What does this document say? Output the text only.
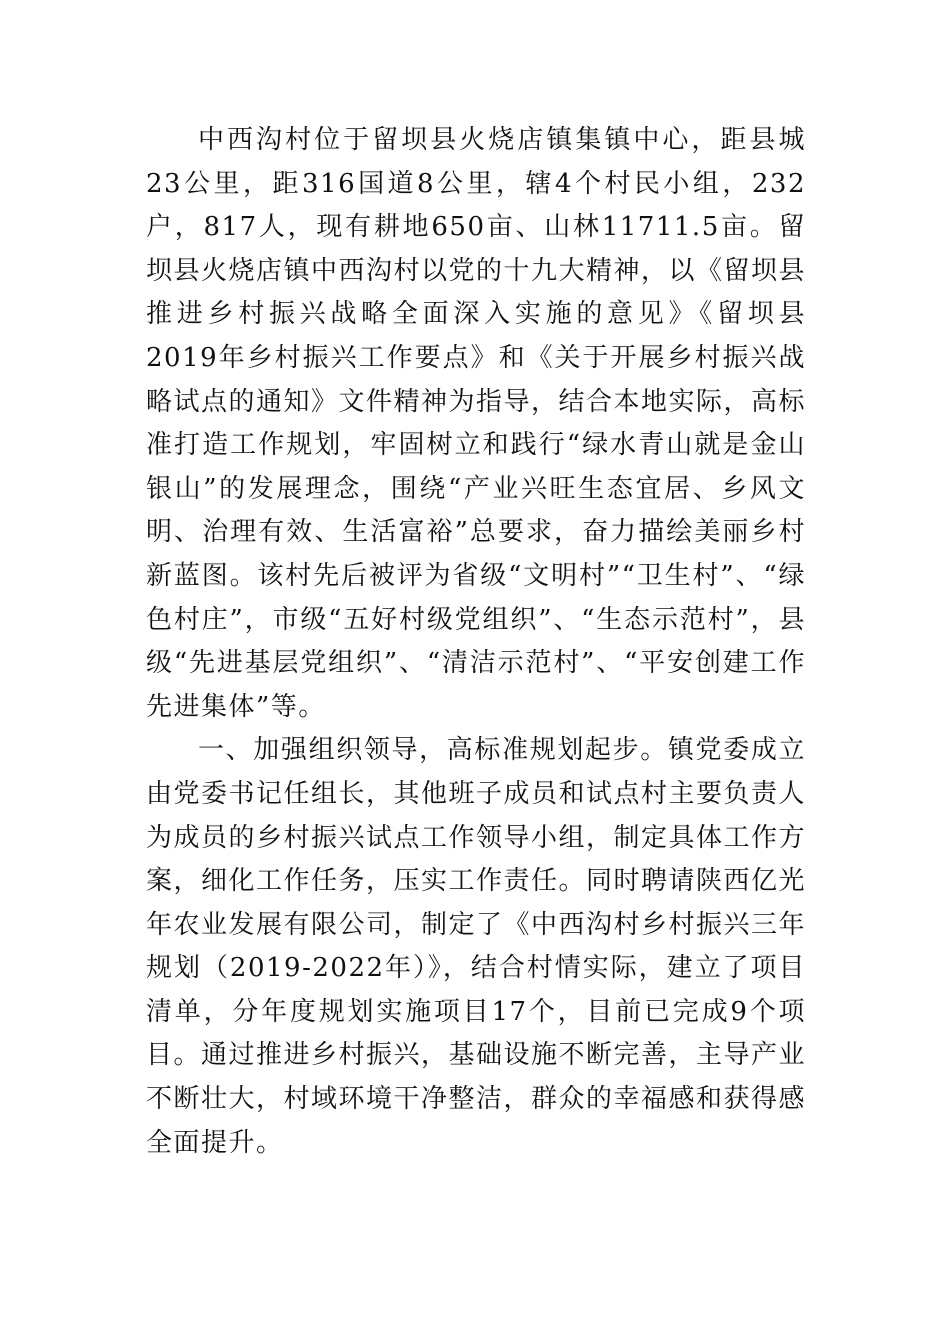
中西沟村位于留坝县火烧店镇集镇中心，距县城23公里，距316国道8公里，辖4个村民小组，232户，817人，现有耕地650亩、山林11711.5亩。留坝县火烧店镇中西沟村以党的十九大精神，以《留坝县推进乡村振兴战略全面深入实施的意见》《留坝县2019年乡村振兴工作要点》和《关于开展乡村振兴战略试点的通知》文件精神为指导，结合本地实际，高标准打造工作规划，牢固树立和践行“绿水青山就是金山银山”的发展理念，围绕“产业兴旺生态宜居、乡风文明、治理有效、生活富裕”总要求，奋力描绘美丽乡村新蓝图。该村先后被评为省级“文明村”“卫生村”、“绿色村庄”，市级“五好村级党组织”、“生态示范村”，县级“先进基层党组织”、“清洁示范村”、“平安创建工作先进集体”等。

一、加强组织领导，高标准规划起步。镇党委成立由党委书记任组长，其他班子成员和试点村主要负责人为成员的乡村振兴试点工作领导小组，制定具体工作方案，细化工作任务，压实工作责任。同时聘请陕西亿光年农业发展有限公司，制定了《中西沟村乡村振兴三年规划（2019-2022年）》，结合村情实际，建立了项目清单，分年度规划实施项目17个，目前已完成9个项目。通过推进乡村振兴，基础设施不断完善，主导产业不断壮大，村域环境干净整洁，群众的幸福感和获得感全面提升。
